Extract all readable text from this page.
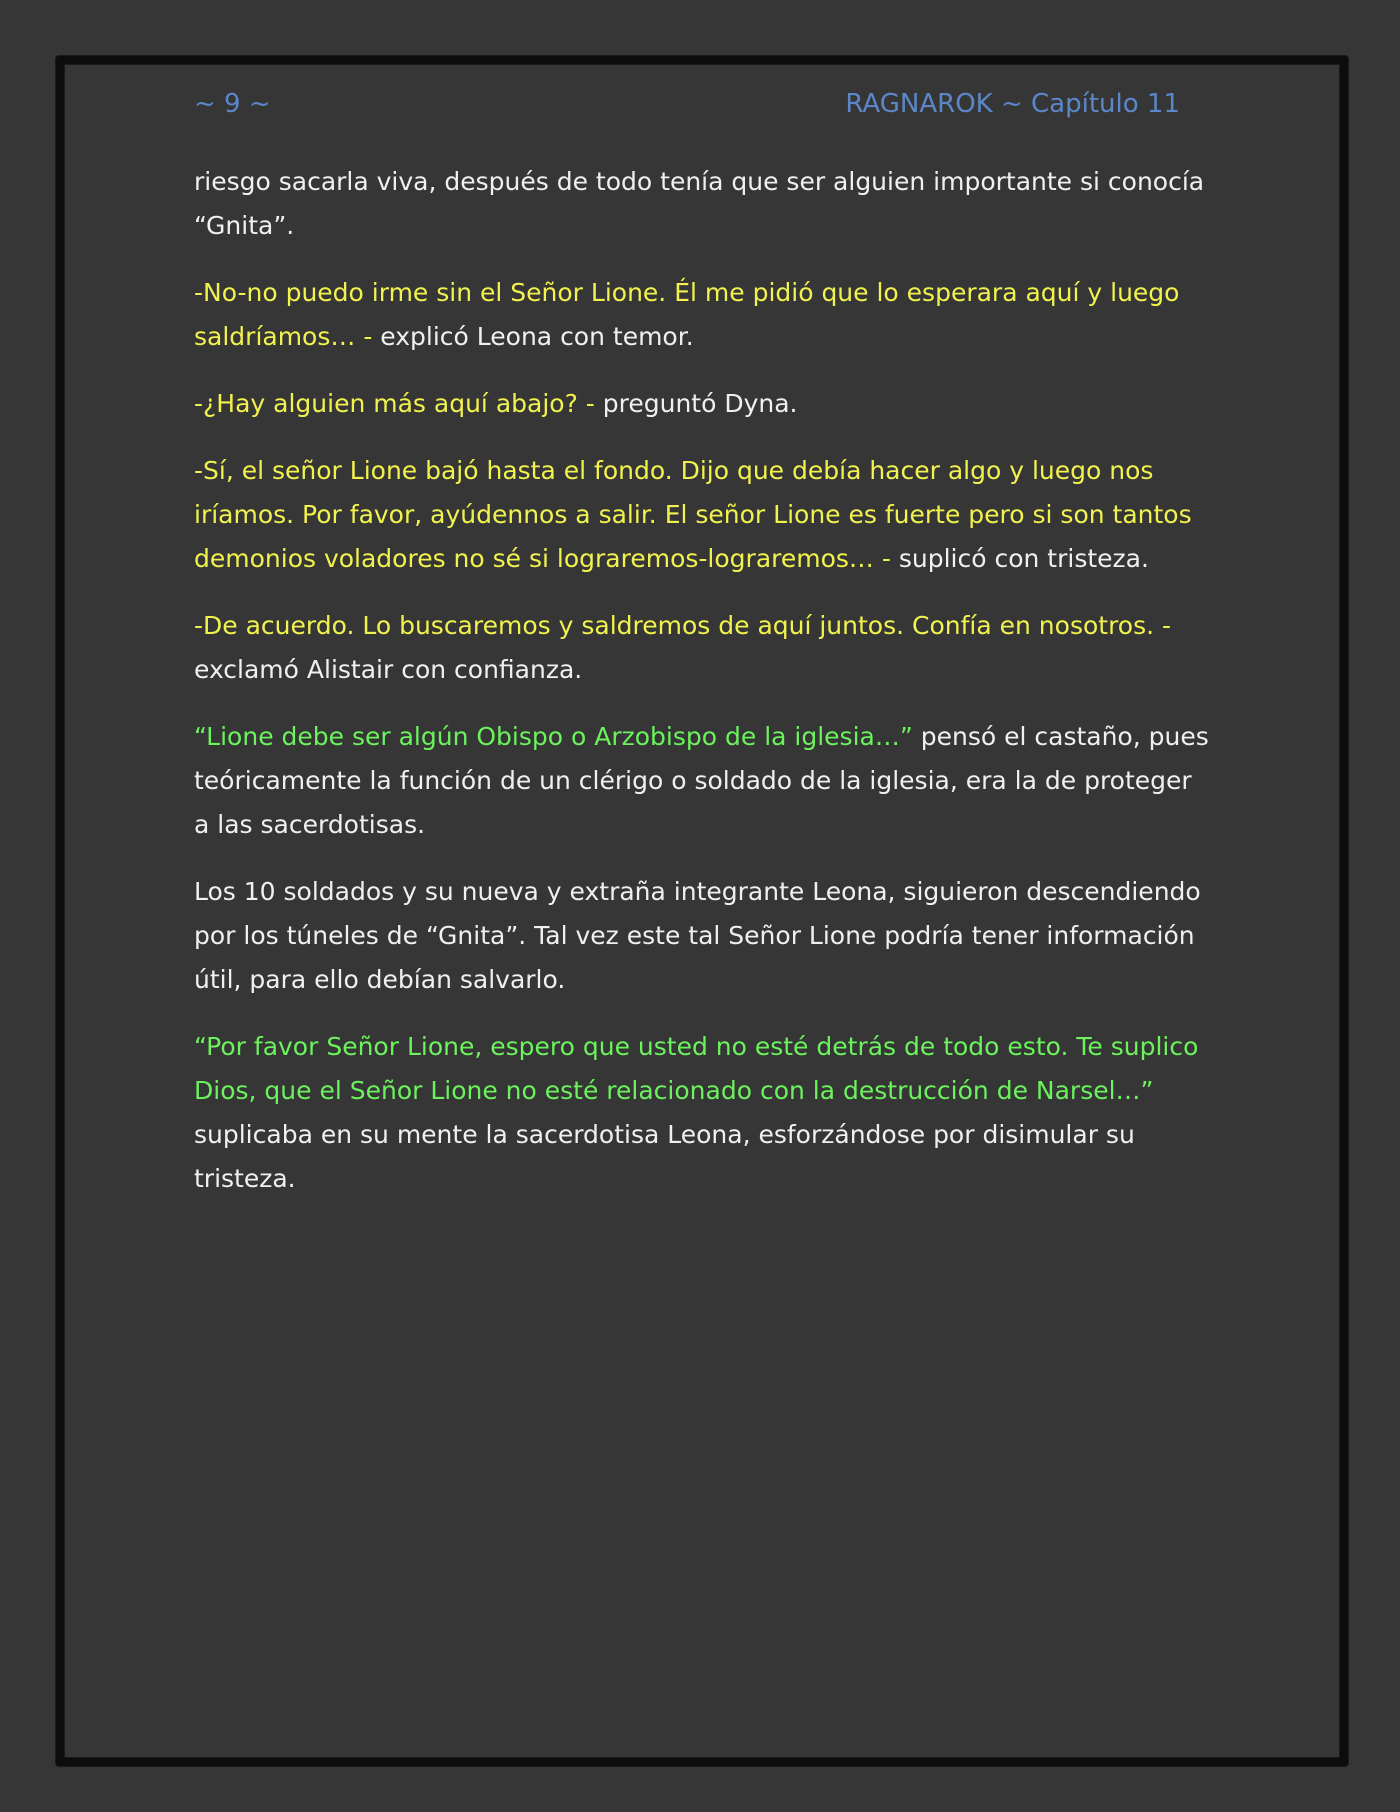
~ 9 ~	RAGNAROK ~ Capítulo 11

riesgo sacarla viva, después de todo tenía que ser alguien importante si conocía “Gnita”.

-No-no puedo irme sin el Señor Lione. Él me pidió que lo esperara aquí y luego saldríamos… - explicó Leona con temor.

-¿Hay alguien más aquí abajo? - preguntó Dyna.

-Sí, el señor Lione bajó hasta el fondo. Dijo que debía hacer algo y luego nos iríamos. Por favor, ayúdennos a salir. El señor Lione es fuerte pero si son tantos demonios voladores no sé si lograremos-lograremos… - suplicó con tristeza.

-De acuerdo. Lo buscaremos y saldremos de aquí juntos. Confía en nosotros. - exclamó Alistair con confianza.

“Lione debe ser algún Obispo o Arzobispo de la iglesia…” pensó el castaño, pues teóricamente la función de un clérigo o soldado de la iglesia, era la de proteger a las sacerdotisas.

Los 10 soldados y su nueva y extraña integrante Leona, siguieron descendiendo por los túneles de “Gnita”. Tal vez este tal Señor Lione podría tener información útil, para ello debían salvarlo.

“Por favor Señor Lione, espero que usted no esté detrás de todo esto. Te suplico Dios, que el Señor Lione no esté relacionado con la destrucción de Narsel…” suplicaba en su mente la sacerdotisa Leona, esforzándose por disimular su tristeza.
